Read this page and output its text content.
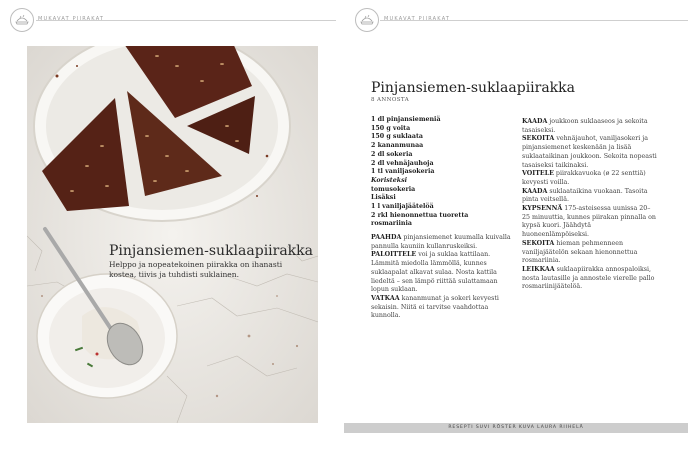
MUKAVAT PIIRAKAT	MUKAVAT PIIRAKAT
Pinjansiemen-suklaapiirakka
Helppo ja nopeatekoinen piirakka on ihanasti kostea, tiivis ja tuhdisti suklainen.
Pinjansiemen-suklaapiirakka
8 ANNOSTA
1 dl pinjansiemeniä
150 g voita
150 g suklaata
2 kananmunaa
2 dl sokeria
2 dl vehnäjauhoja
1 tl vaniljasokeria
Koristeksi
tomusokeria
Lisäksi
1 l vaniljajäätelöä
2 rkl hienonnettua tuoretta rosmariinia

PAAHDA pinjansiemenet kuumalla kuivalla pannulla kauniin kullanruskeiksi.

PALOITTELE voi ja suklaa kattilaan. Lämmitä miedolla lämmöllä, kunnes suklaapalat alkavat sulaa. Nosta kattila liedeltä – sen lämpö riittää sulattamaan lopun suklaan.

VATKAA kananmunat ja sokeri kevyesti sekaisin. Niitä ei tarvitse vaahdottaa kunnolla.

KAADA joukkoon suklaaseos ja sekoita tasaiseksi.

SEKOITA vehnäjauhot, vaniljasokeri ja pinjansiemenet keskenään ja lisää suklaataikinan joukkoon. Sekoita nopeasti tasaiseksi taikinaksi.

VOITELE piirakkavuoka (ø 22 senttiä) kevyesti voilla.

KAADA suklaataikina vuokaan. Tasoita pinta veitsellä.

KYPSENNÄ 175-asteisessa uunissa 20–25 minuuttia, kunnes piirakan pinnalla on kypsä kuori. Jäähdytä huoneenlämpöiseksi.

SEKOITA hieman pehmenneen vaniljajäätelön sekaan hienonnettua rosmariinia.

LEIKKAA suklaapiirakka annospaloiksi, nosta lautasille ja annostele vierelle pallo rosmariinijäätelöä.

RESEPTI SUVI RÖSTER KUVA LAURA RIIHELÄ
